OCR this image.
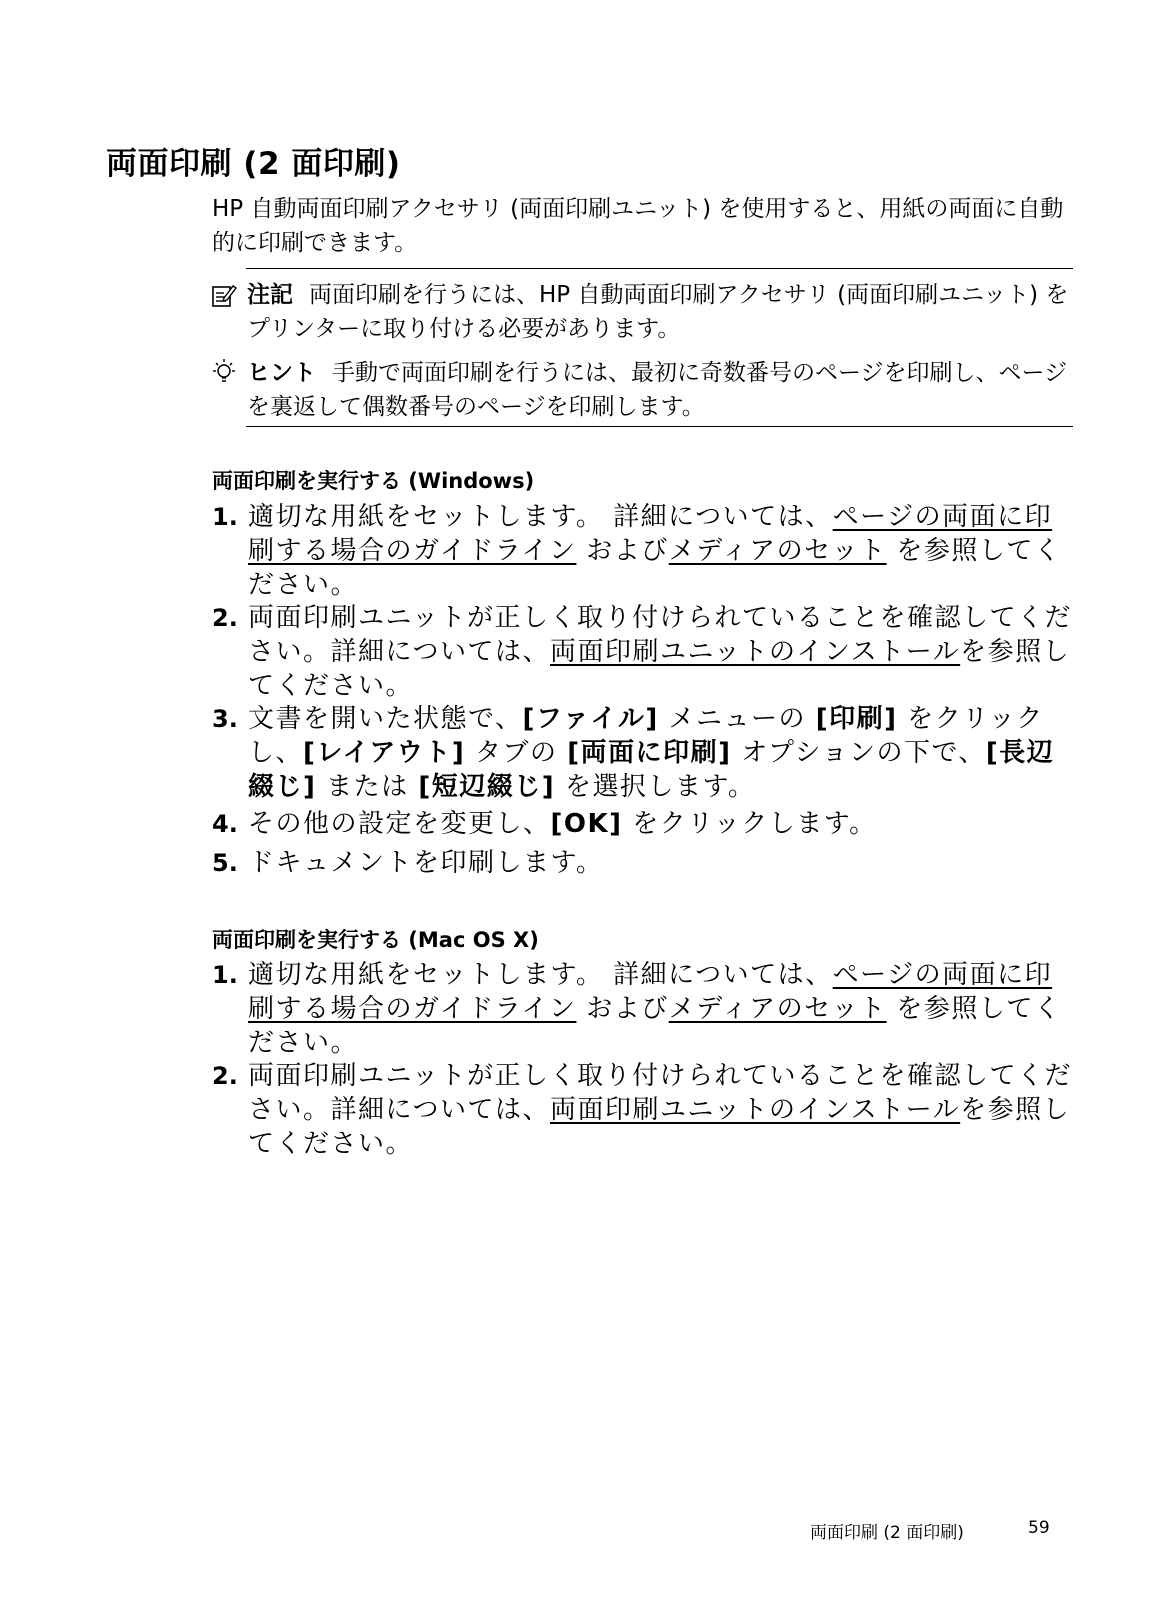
両面印刷 (2 面印刷)
HP 自動両面印刷アクセサリ (両面印刷ユニット) を使用すると、用紙の両面に自動的に印刷できます。
注記 両面印刷を行うには、HP 自動両面印刷アクセサリ (両面印刷ユニット) をプリンターに取り付ける必要があります。
ヒント 手動で両面印刷を行うには、最初に奇数番号のページを印刷し、ページを裏返して偶数番号のページを印刷します。
両面印刷を実行する (Windows)
1. 適切な用紙をセットします。 詳細については、ページの両面に印刷する場合のガイドライン およびメディアのセット を参照してください。
2. 両面印刷ユニットが正しく取り付けられていることを確認してください。詳細については、両面印刷ユニットのインストールを参照してください。
3. 文書を開いた状態で、[ファイル] メニューの [印刷] をクリックし、[レイアウト] タブの [両面に印刷] オプションの下で、[長辺綴じ] または [短辺綴じ] を選択します。
4. その他の設定を変更し、[OK] をクリックします。
5. ドキュメントを印刷します。
両面印刷を実行する (Mac OS X)
1. 適切な用紙をセットします。 詳細については、ページの両面に印刷する場合のガイドライン およびメディアのセット を参照してください。
2. 両面印刷ユニットが正しく取り付けられていることを確認してください。詳細については、両面印刷ユニットのインストールを参照してください。
両面印刷 (2 面印刷)	59
